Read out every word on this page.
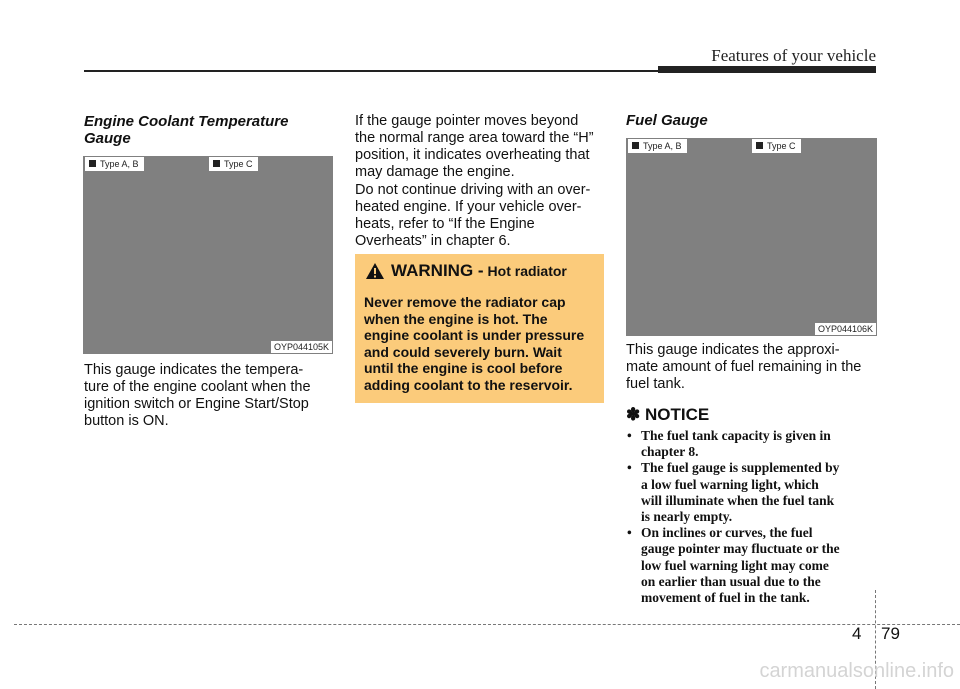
Features of your vehicle
Engine Coolant Temperature
Gauge
Type A, B	Type C
OYP044105K
This gauge indicates the tempera-
ture of the engine coolant when the
ignition switch or Engine Start/Stop
button is ON.
If the gauge pointer moves beyond
the normal range area toward the “H”
position, it indicates overheating that
may damage the engine.
Do not continue driving with an over-
heated engine. If your vehicle over-
heats, refer to “If the Engine
Overheats” in chapter 6.
WARNING - Hot radiator
Never remove the radiator cap
when the engine is hot. The
engine coolant is under pressure
and could severely burn. Wait
until the engine is cool before
adding coolant to the reservoir.
Fuel Gauge
Type A, B	Type C
OYP044106K
This gauge indicates the approxi-
mate amount of fuel remaining in the
fuel tank.
✽ NOTICE
• The fuel tank capacity is given in
chapter 8.
• The fuel gauge is supplemented by
a low fuel warning light, which
will illuminate when the fuel tank
is nearly empty.
• On inclines or curves, the fuel
gauge pointer may fluctuate or the
low fuel warning light may come
on earlier than usual due to the
movement of fuel in the tank.
4 79
carmanualsonline.info
